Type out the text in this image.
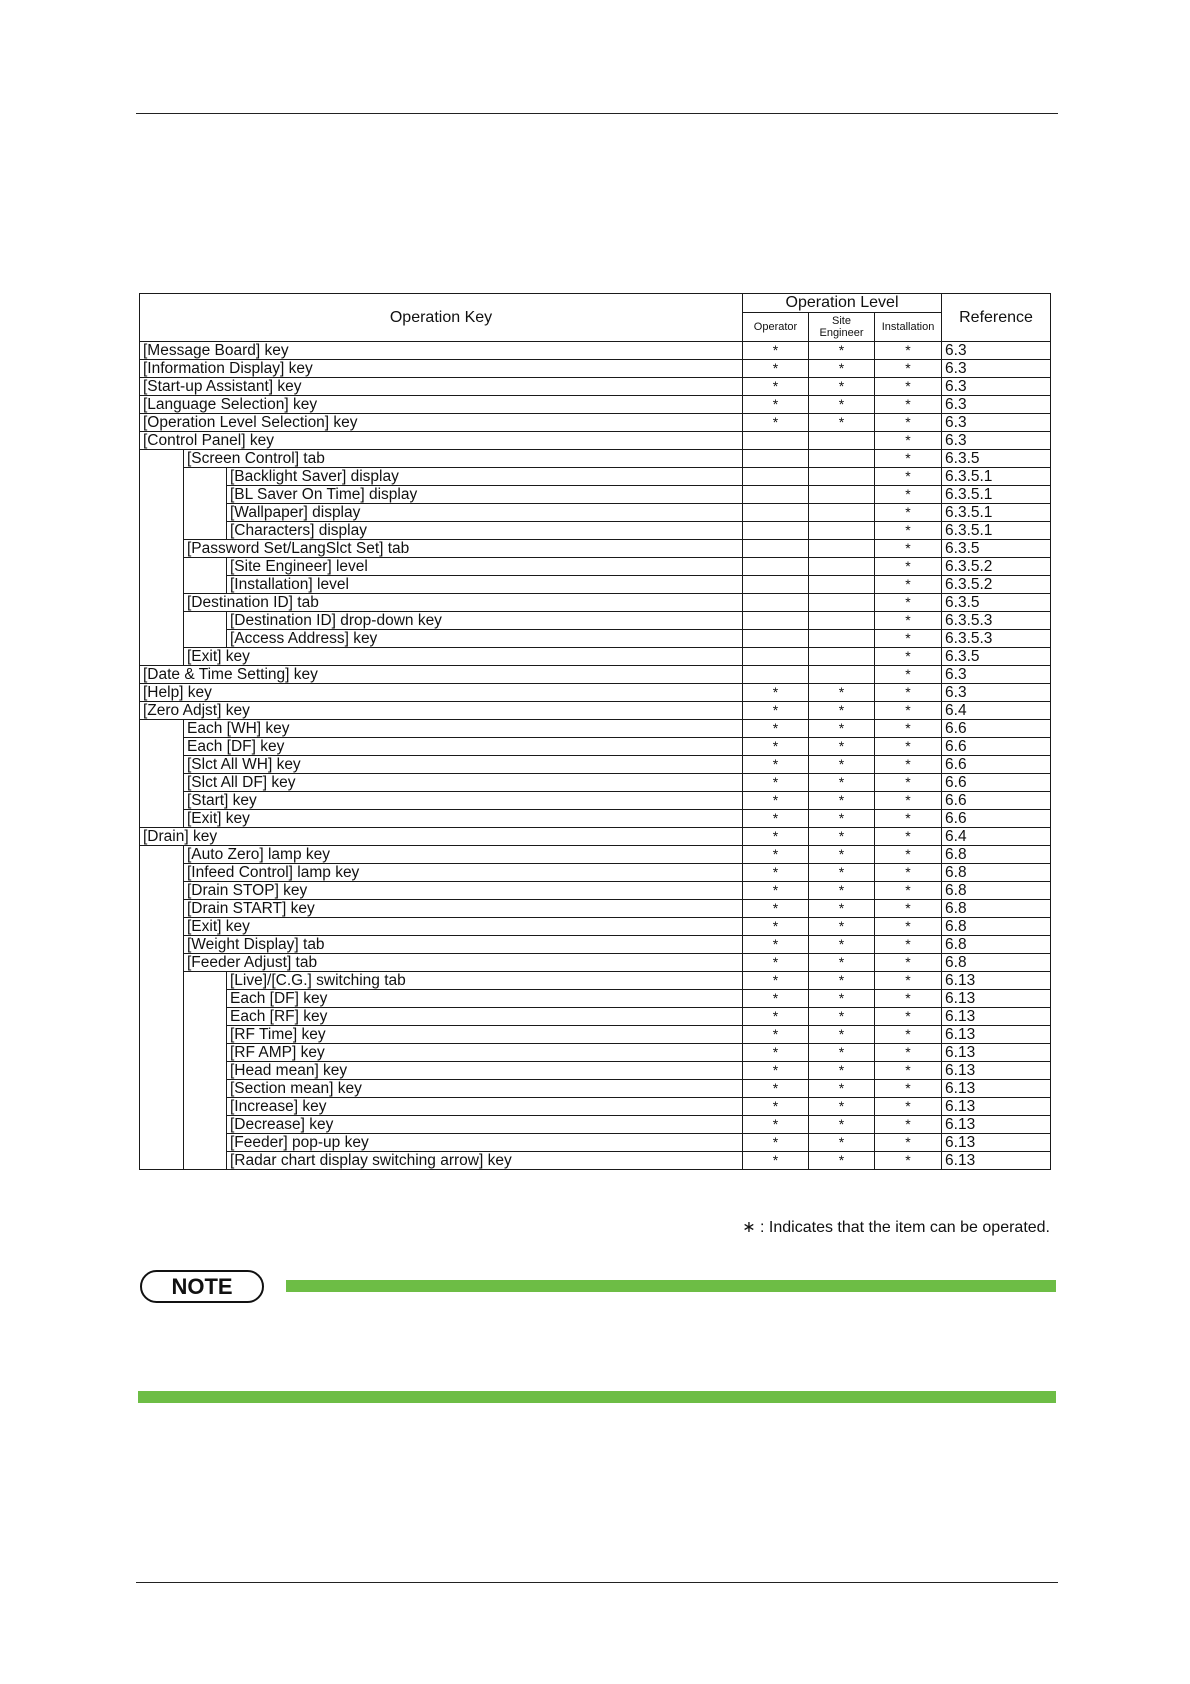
Operation Key			Operation Level			Reference
			Operator	Site Engineer	Installation	
[Message Board] key			*	*	*	6.3
[Information Display] key			*	*	*	6.3
[Start-up Assistant] key			*	*	*	6.3
[Language Selection] key			*	*	*	6.3
[Operation Level Selection] key			*	*	*	6.3
[Control Panel] key					*	6.3
	[Screen Control] tab				*	6.3.5
		[Backlight Saver] display			*	6.3.5.1
		[BL Saver On Time] display			*	6.3.5.1
		[Wallpaper] display			*	6.3.5.1
		[Characters] display			*	6.3.5.1
	[Password Set/LangSlct Set] tab				*	6.3.5
		[Site Engineer] level			*	6.3.5.2
		[Installation] level			*	6.3.5.2
	[Destination ID] tab				*	6.3.5
		[Destination ID] drop-down key			*	6.3.5.3
		[Access Address] key			*	6.3.5.3
	[Exit] key				*	6.3.5
[Date & Time Setting] key					*	6.3
[Help] key			*	*	*	6.3
[Zero Adjst] key			*	*	*	6.4
	Each [WH] key		*	*	*	6.6
	Each [DF] key		*	*	*	6.6
	[Slct All WH] key		*	*	*	6.6
	[Slct All DF] key		*	*	*	6.6
	[Start] key		*	*	*	6.6
	[Exit] key		*	*	*	6.6
[Drain] key			*	*	*	6.4
	[Auto Zero] lamp key		*	*	*	6.8
	[Infeed Control] lamp key		*	*	*	6.8
	[Drain STOP] key		*	*	*	6.8
	[Drain START] key		*	*	*	6.8
	[Exit] key		*	*	*	6.8
	[Weight Display] tab		*	*	*	6.8
	[Feeder Adjust] tab		*	*	*	6.8
		[Live]/[C.G.] switching tab	*	*	*	6.13
		Each [DF] key	*	*	*	6.13
		Each [RF] key	*	*	*	6.13
		[RF Time] key	*	*	*	6.13
		[RF AMP] key	*	*	*	6.13
		[Head mean] key	*	*	*	6.13
		[Section mean] key	*	*	*	6.13
		[Increase] key	*	*	*	6.13
		[Decrease] key	*	*	*	6.13
		[Feeder] pop-up key	*	*	*	6.13
		[Radar chart display switching arrow] key	*	*	*	6.13
∗ : Indicates that the item can be operated.
NOTE
